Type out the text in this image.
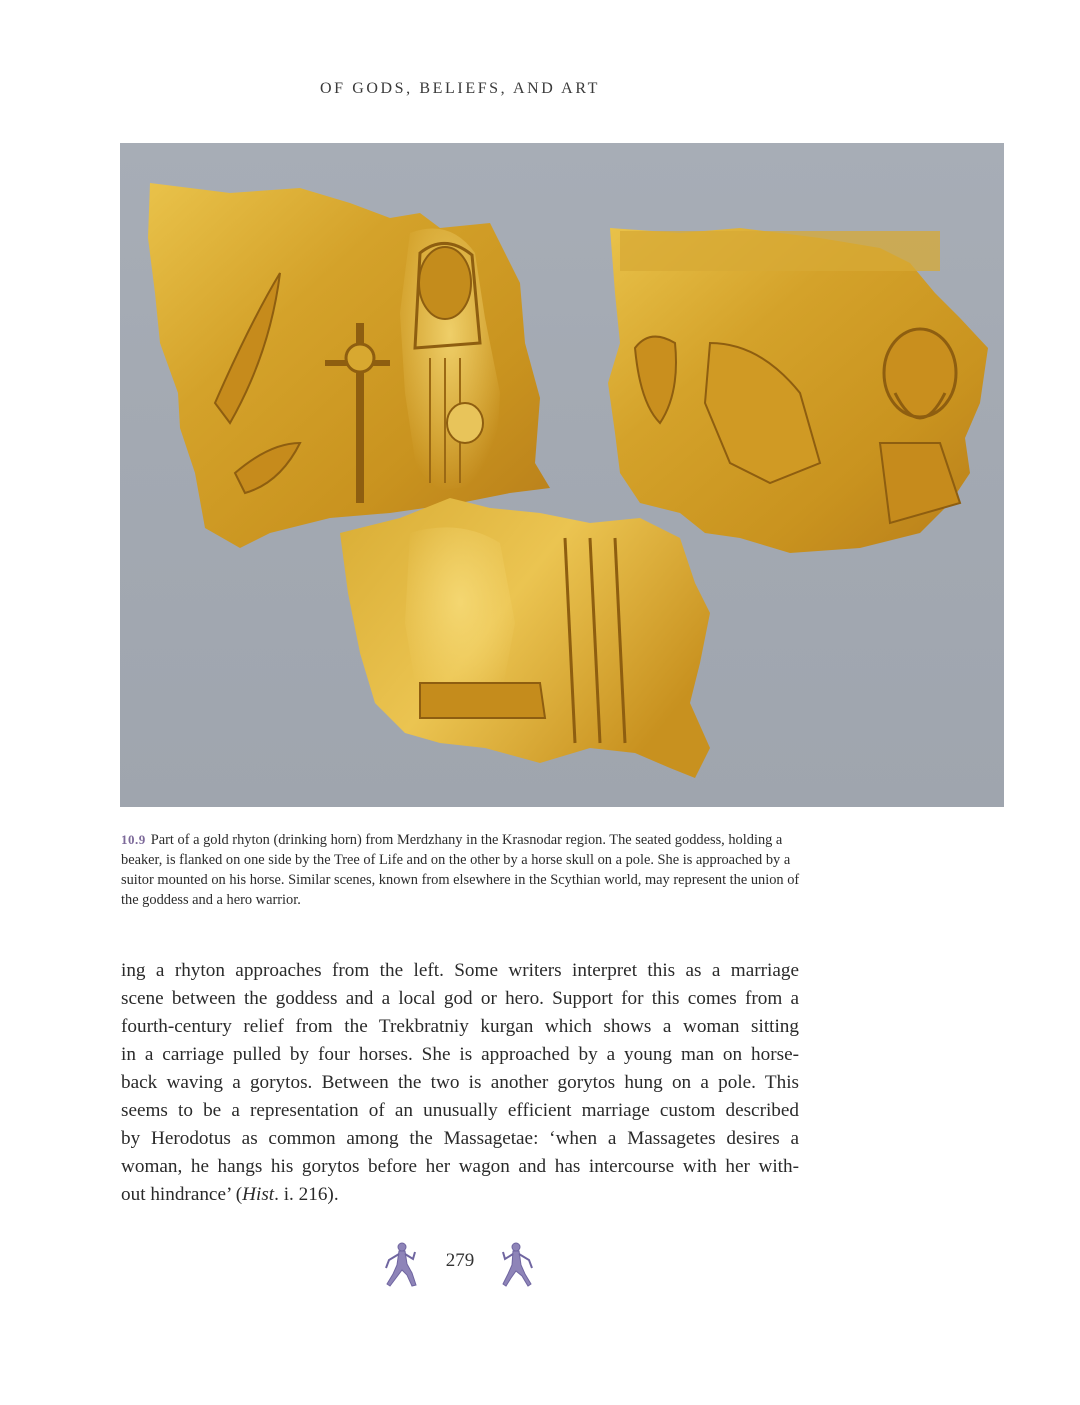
OF GODS, BELIEFS, AND ART
10.9 Part of a gold rhyton (drinking horn) from Merdzhany in the Krasnodar region. The seated goddess, holding a beaker, is flanked on one side by the Tree of Life and on the other by a horse skull on a pole. She is approached by a suitor mounted on his horse. Similar scenes, known from elsewhere in the Scythian world, may represent the union of the goddess and a hero warrior.
ing a rhyton approaches from the left. Some writers interpret this as a marriage
scene between the goddess and a local god or hero. Support for this comes from a
fourth-century relief from the Trekbratniy kurgan which shows a woman sitting
in a carriage pulled by four horses. She is approached by a young man on horse-
back waving a gorytos. Between the two is another gorytos hung on a pole. This
seems to be a representation of an unusually efficient marriage custom described
by Herodotus as common among the Massagetae: ‘when a Massagetes desires a
woman, he hangs his gorytos before her wagon and has intercourse with her with-
out hindrance’ (Hist. i. 216).
279
